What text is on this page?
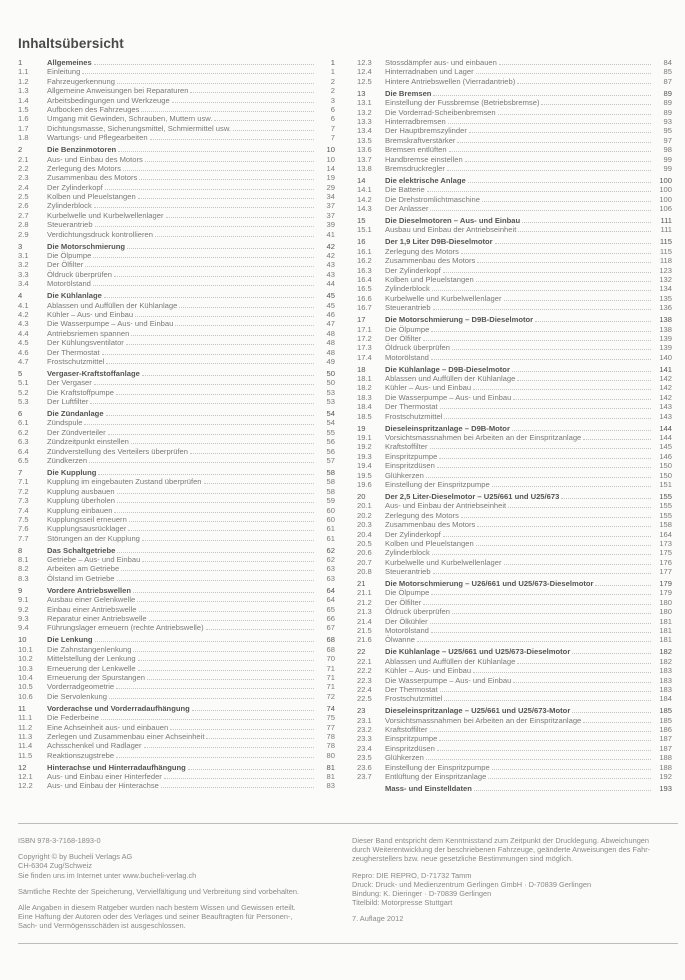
Inhaltsübersicht
1	Allgemeines	1
1.1	Einleitung	1
1.2	Fahrzeugerkennung	2
1.3	Allgemeine Anweisungen bei Reparaturen	2
1.4	Arbeitsbedingungen und Werkzeuge	3
1.5	Aufbocken des Fahrzeuges	6
1.6	Umgang mit Gewinden, Schrauben, Muttern usw.	6
1.7	Dichtungsmasse, Sicherungsmittel, Schmiermittel usw.	7
1.8	Wartungs- und Pflegearbeiten	7
2	Die Benzinmotoren	10
2.1	Aus- und Einbau des Motors	10
2.2	Zerlegung des Motors	14
2.3	Zusammenbau des Motors	19
2.4	Der Zylinderkopf	29
2.5	Kolben und Pleuelstangen	34
2.6	Zylinderblock	37
2.7	Kurbelwelle und Kurbelwellenlager	37
2.8	Steuerantrieb	39
2.9	Verdichtungsdruck kontrollieren	41
3	Die Motorschmierung	42
3.1	Die Ölpumpe	42
3.2	Der Ölfilter	43
3.3	Öldruck überprüfen	43
3.4	Motorölstand	44
4	Die Kühlanlage	45
4.1	Ablassen und Auffüllen der Kühlanlage	45
4.2	Kühler – Aus- und Einbau	46
4.3	Die Wasserpumpe – Aus- und Einbau	47
4.4	Antriebsriemen spannen	48
4.5	Der Kühlungsventilator	48
4.6	Der Thermostat	48
4.7	Frostschutzmittel	49
5	Vergaser-Kraftstoffanlage	50
5.1	Der Vergaser	50
5.2	Die Kraftstoffpumpe	53
5.3	Der Luftfilter	53
6	Die Zündanlage	54
6.1	Zündspule	54
6.2	Der Zündverteiler	55
6.3	Zündzeitpunkt einstellen	56
6.4	Zündverstellung des Verteilers überprüfen	56
6.5	Zündkerzen	57
7	Die Kupplung	58
7.1	Kupplung im eingebauten Zustand überprüfen	58
7.2	Kupplung ausbauen	58
7.3	Kupplung überholen	59
7.4	Kupplung einbauen	60
7.5	Kupplungsseil erneuern	60
7.6	Kupplungsausrücklager	61
7.7	Störungen an der Kupplung	61
8	Das Schaltgetriebe	62
8.1	Getriebe – Aus- und Einbau	62
8.2	Arbeiten am Getriebe	63
8.3	Ölstand im Getriebe	63
9	Vordere Antriebswellen	64
9.1	Ausbau einer Gelenkwelle	64
9.2	Einbau einer Antriebswelle	65
9.3	Reparatur einer Antriebswelle	66
9.4	Führungslager erneuern (rechte Antriebswelle)	67
10	Die Lenkung	68
10.1	Die Zahnstangenlenkung	68
10.2	Mittelstellung der Lenkung	70
10.3	Erneuerung der Lenkwelle	71
10.4	Erneuerung der Spurstangen	71
10.5	Vorderradgeometrie	71
10.6	Die Servolenkung	72
11	Vorderachse und Vorderradaufhängung	74
11.1	Die Federbeine	75
11.2	Eine Achseinheit aus- und einbauen	77
11.3	Zerlegen und Zusammenbau einer Achseinheit	78
11.4	Achsschenkel und Radlager	78
11.5	Reaktionszugstrebe	80
12	Hinterachse und Hinterradaufhängung	81
12.1	Aus- und Einbau einer Hinterfeder	81
12.2	Aus- und Einbau der Hinterachse	83
12.3	Stossdämpfer aus- und einbauen	84
12.4	Hinterradnaben und Lager	85
12.5	Hintere Antriebswellen (Vierradantrieb)	87
13	Die Bremsen	89
13.1	Einstellung der Fussbremse (Betriebsbremse)	89
13.2	Die Vorderrad-Scheibenbremsen	89
13.3	Hinterradbremsen	93
13.4	Der Hauptbremszylinder	95
13.5	Bremskraftverstärker	97
13.6	Bremsen entlüften	98
13.7	Handbremse einstellen	99
13.8	Bremsdruckregler	99
14	Die elektrische Anlage	100
14.1	Die Batterie	100
14.2	Die Drehstromlichtmaschine	100
14.3	Der Anlasser	106
15	Die Dieselmotoren – Aus- und Einbau	111
15.1	Ausbau und Einbau der Antriebseinheit	111
16	Der 1,9 Liter D9B-Dieselmotor	115
16.1	Zerlegung des Motors	115
16.2	Zusammenbau des Motors	118
16.3	Der Zylinderkopf	123
16.4	Kolben und Pleuelstangen	132
16.5	Zylinderblock	134
16.6	Kurbelwelle und Kurbelwellenlager	135
16.7	Steuerantrieb	136
17	Die Motorschmierung – D9B-Dieselmotor	138
17.1	Die Ölpumpe	138
17.2	Der Ölfilter	139
17.3	Öldruck überprüfen	139
17.4	Motorölstand	140
18	Die Kühlanlage – D9B-Dieselmotor	141
18.1	Ablassen und Auffüllen der Kühlanlage	142
18.2	Kühler – Aus- und Einbau	142
18.3	Die Wasserpumpe – Aus- und Einbau	142
18.4	Der Thermostat	143
18.5	Frostschutzmittel	143
19	Dieseleinspritzanlage – D9B-Motor	144
19.1	Vorsichtsmassnahmen bei Arbeiten an der Einspritzanlage	144
19.2	Kraftstoffilter	145
19.3	Einspritzpumpe	146
19.4	Einspritzdüsen	150
19.5	Glühkerzen	150
19.6	Einstellung der Einspritzpumpe	151
20	Der 2,5 Liter-Dieselmotor – U25/661 und U25/673	155
20.1	Aus- und Einbau der Antriebseinheit	155
20.2	Zerlegung des Motors	155
20.3	Zusammenbau des Motors	158
20.4	Der Zylinderkopf	164
20.5	Kolben und Pleuelstangen	173
20.6	Zylinderblock	175
20.7	Kurbelwelle und Kurbelwellenlager	176
20.8	Steuerantrieb	177
21	Die Motorschmierung – U26/661 und U25/673-Dieselmotor	179
21.1	Die Ölpumpe	179
21.2	Der Ölfilter	180
21.3	Öldruck überprüfen	180
21.4	Der Ölkühler	181
21.5	Motorölstand	181
21.6	Ölwanne	181
22	Die Kühlanlage – U25/661 und U25/673-Dieselmotor	182
22.1	Ablassen und Auffüllen der Kühlanlage	182
22.2	Kühler – Aus- und Einbau	183
22.3	Die Wasserpumpe – Aus- und Einbau	183
22.4	Der Thermostat	183
22.5	Frostschutzmittel	184
23	Dieseleinspritzanlage – U25/661 und U25/673-Motor	185
23.1	Vorsichtsmassnahmen bei Arbeiten an der Einspritzanlage	185
23.2	Kraftstoffilter	186
23.3	Einspritzpumpe	187
23.4	Einspritzdüsen	187
23.5	Glühkerzen	188
23.6	Einstellung der Einspritzpumpe	188
23.7	Entlüftung der Einspritzanlage	192
Mass- und Einstelldaten	193

ISBN 978-3-7168-1893-0

Copyright © by Bucheli Verlags AG
CH-6304 Zug/Schweiz
Sie finden uns im Internet unter www.bucheli-verlag.ch

Sämtliche Rechte der Speicherung, Vervielfältigung und Verbreitung sind vorbehalten.

Alle Angaben in diesem Ratgeber wurden nach bestem Wissen und Gewissen erteilt.
Eine Haftung der Autoren oder des Verlages und seiner Beauftragten für Personen-,
Sach- und Vermögensschäden ist ausgeschlossen.

Dieser Band entspricht dem Kenntnisstand zum Zeitpunkt der Drucklegung. Abweichungen
durch Weiterentwicklung der beschriebenen Fahrzeuge, geänderte Anweisungen des Fahr-
zeugherstellers bzw. neue gesetzliche Bestimmungen sind möglich.

Repro: DIE REPRO, D-71732 Tamm
Druck: Druck- und Medienzentrum Gerlingen GmbH · D-70839 Gerlingen
Bindung: K. Dieringer · D-70839 Gerlingen
Titelbild: Motorpresse Stuttgart

7. Auflage 2012
